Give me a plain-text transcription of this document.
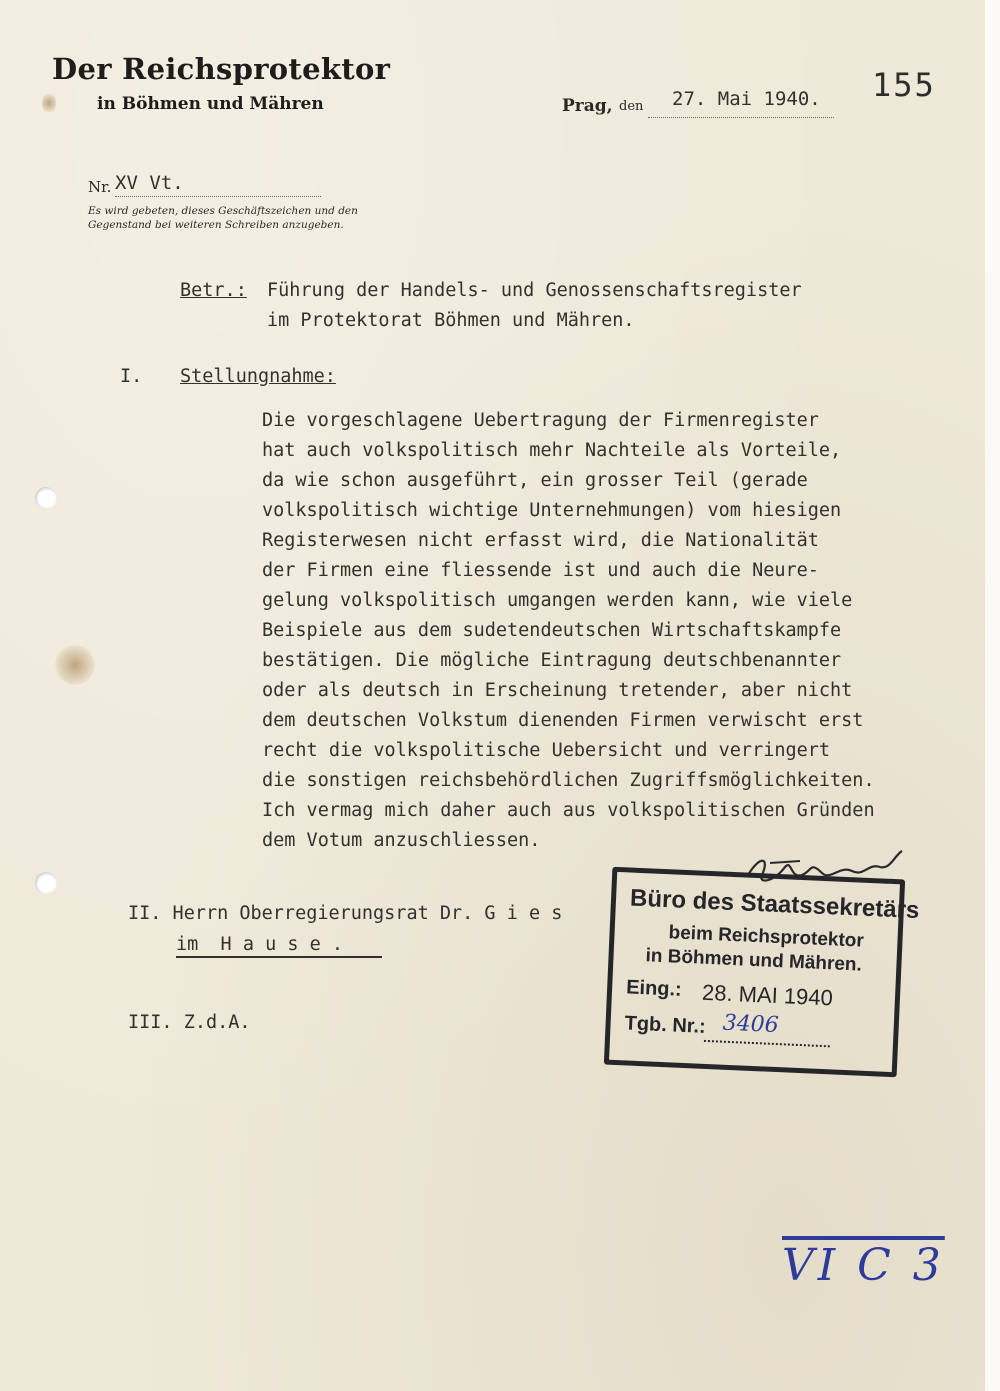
Der Reichsprotektor
in Böhmen und Mähren	Prag, den 27. Mai 1940. 155
Nr. XV Vt.
Es wird gebeten, dieses Geschäftszeichen und den
Gegenstand bei weiteren Schreiben anzugeben.
Betr.: Führung der Handels- und Genossenschaftsregister
im Protektorat Böhmen und Mähren.
I. Stellungnahme:
Die vorgeschlagene Uebertragung der Firmenregister
hat auch volkspolitisch mehr Nachteile als Vorteile,
da wie schon ausgeführt, ein grosser Teil (gerade
volkspolitisch wichtige Unternehmungen) vom hiesigen
Registerwesen nicht erfasst wird, die Nationalität
der Firmen eine fliessende ist und auch die Neure-
gelung volkspolitisch umgangen werden kann, wie viele
Beispiele aus dem sudetendeutschen Wirtschaftskampfe
bestätigen. Die mögliche Eintragung deutschbenannter
oder als deutsch in Erscheinung tretender, aber nicht
dem deutschen Volkstum dienenden Firmen verwischt erst
recht die volkspolitische Uebersicht und verringert
die sonstigen reichsbehördlichen Zugriffsmöglichkeiten.
Ich vermag mich daher auch aus volkspolitischen Gründen
dem Votum anzuschliessen.
II. Herrn Oberregierungsrat Dr. G i e s
im  H a u s e .
III. Z.d.A.
Büro des Staatssekretärs
beim Reichsprotektor
in Böhmen und Mähren.
Eing.: 28. MAI 1940
Tgb. Nr.: 3406
VI C 3
